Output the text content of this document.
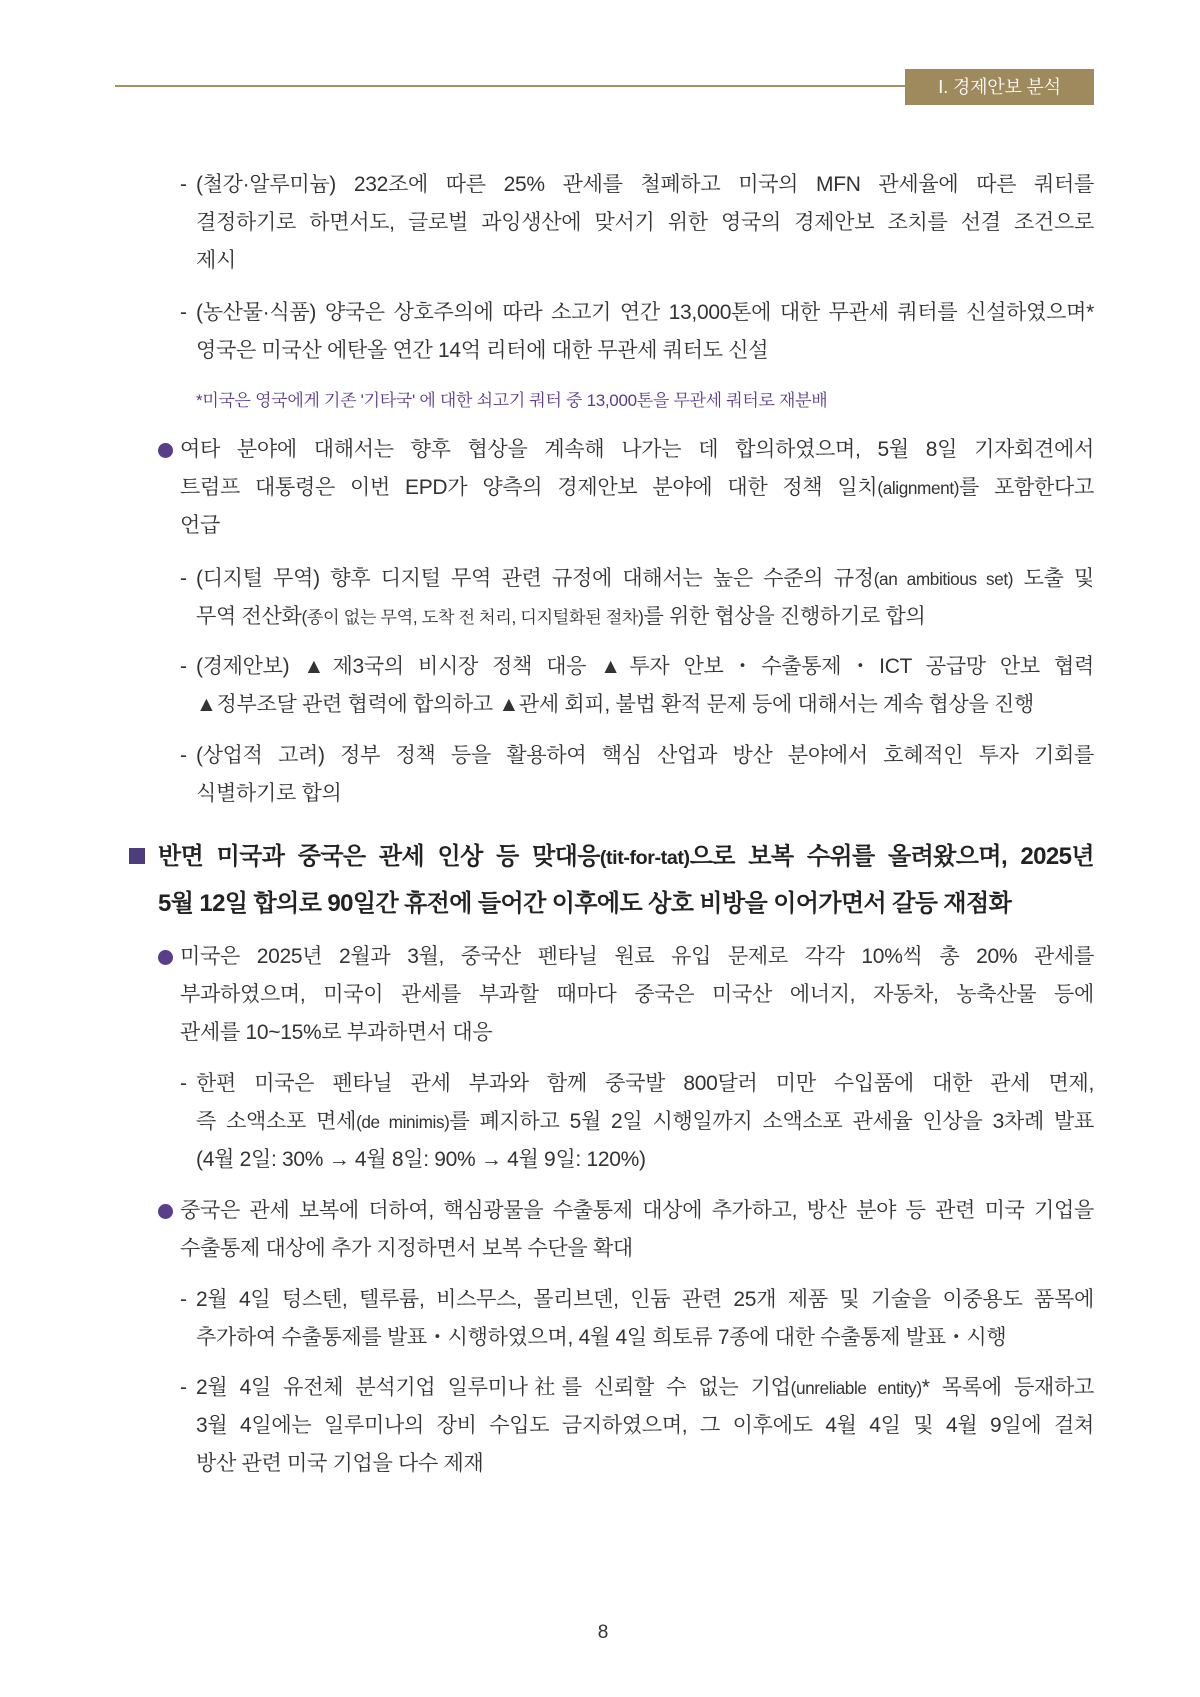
Ⅰ. 경제안보 분석
- (철강·알루미늄) 232조에 따른 25% 관세를 철폐하고 미국의 MFN 관세율에 따른 쿼터를
결정하기로 하면서도, 글로벌 과잉생산에 맞서기 위한 영국의 경제안보 조치를 선결 조건으로
제시
- (농산물·식품) 양국은 상호주의에 따라 소고기 연간 13,000톤에 대한 무관세 쿼터를 신설하였으며*
영국은 미국산 에탄올 연간 14억 리터에 대한 무관세 쿼터도 신설
*미국은 영국에게 기존 '기타국' 에 대한 쇠고기 쿼터 중 13,000톤을 무관세 쿼터로 재분배
여타 분야에 대해서는 향후 협상을 계속해 나가는 데 합의하였으며, 5월 8일 기자회견에서
트럼프 대통령은 이번 EPD가 양측의 경제안보 분야에 대한 정책 일치(alignment)를 포함한다고
언급
- (디지털 무역) 향후 디지털 무역 관련 규정에 대해서는 높은 수준의 규정(an ambitious set) 도출 및
무역 전산화(종이 없는 무역, 도착 전 처리, 디지털화된 절차)를 위한 협상을 진행하기로 합의
- (경제안보) ▲제3국의 비시장 정책 대응 ▲투자 안보・수출통제・ICT 공급망 안보 협력
▲정부조달 관련 협력에 합의하고 ▲관세 회피, 불법 환적 문제 등에 대해서는 계속 협상을 진행
- (상업적 고려) 정부 정책 등을 활용하여 핵심 산업과 방산 분야에서 호혜적인 투자 기회를
식별하기로 합의
반면 미국과 중국은 관세 인상 등 맞대응(tit-for-tat)으로 보복 수위를 올려왔으며, 2025년
5월 12일 합의로 90일간 휴전에 들어간 이후에도 상호 비방을 이어가면서 갈등 재점화
미국은 2025년 2월과 3월, 중국산 펜타닐 원료 유입 문제로 각각 10%씩 총 20% 관세를
부과하였으며, 미국이 관세를 부과할 때마다 중국은 미국산 에너지, 자동차, 농축산물 등에
관세를 10~15%로 부과하면서 대응
- 한편 미국은 펜타닐 관세 부과와 함께 중국발 800달러 미만 수입품에 대한 관세 면제,
즉 소액소포 면세(de minimis)를 폐지하고 5월 2일 시행일까지 소액소포 관세율 인상을 3차례 발표
(4월 2일: 30% → 4월 8일: 90% → 4월 9일: 120%)
중국은 관세 보복에 더하여, 핵심광물을 수출통제 대상에 추가하고, 방산 분야 등 관련 미국 기업을
수출통제 대상에 추가 지정하면서 보복 수단을 확대
- 2월 4일 텅스텐, 텔루륨, 비스무스, 몰리브덴, 인듐 관련 25개 제품 및 기술을 이중용도 품목에
추가하여 수출통제를 발표・시행하였으며, 4월 4일 희토류 7종에 대한 수출통제 발표・시행
- 2월 4일 유전체 분석기업 일루미나社를 신뢰할 수 없는 기업(unreliable entity)* 목록에 등재하고
3월 4일에는 일루미나의 장비 수입도 금지하였으며, 그 이후에도 4월 4일 및 4월 9일에 걸쳐
방산 관련 미국 기업을 다수 제재
8
